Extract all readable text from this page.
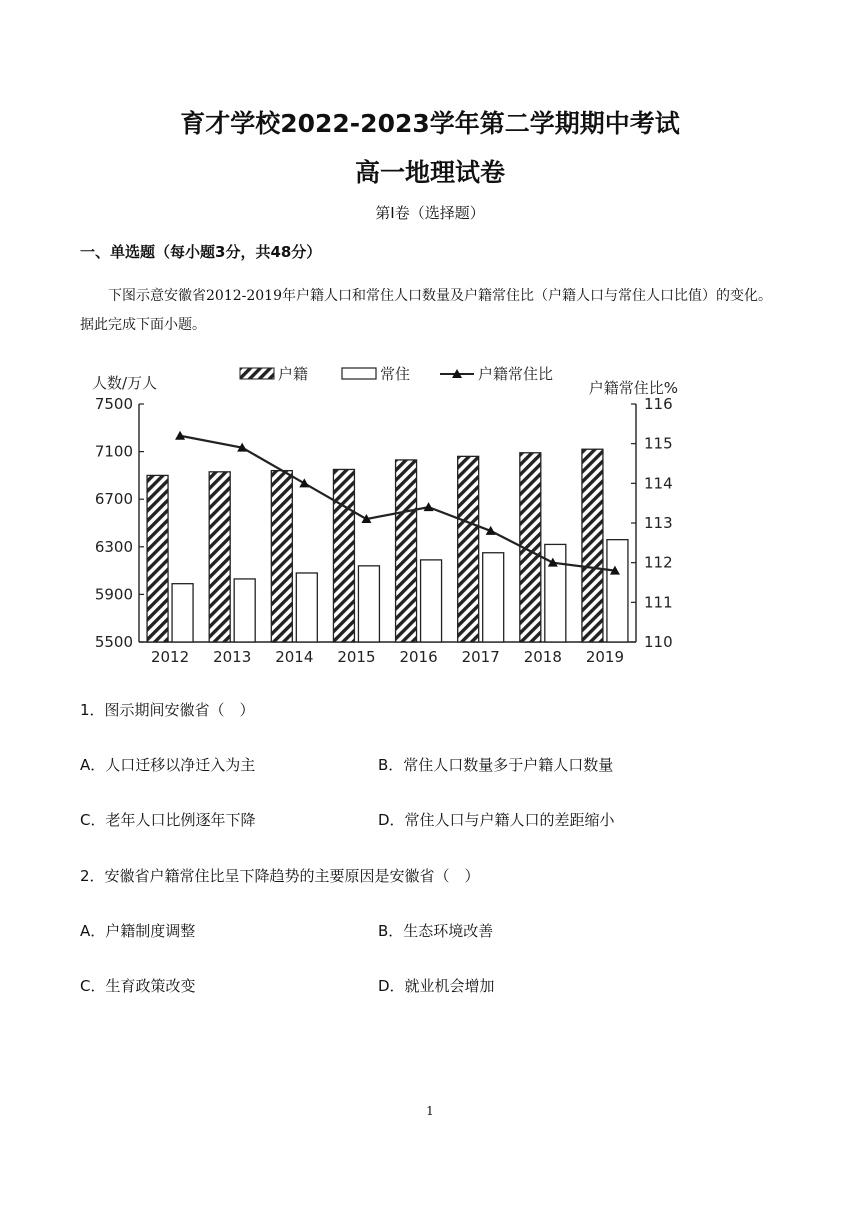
育才学校2022-2023学年第二学期期中考试
高一地理试卷
第Ⅰ卷（选择题）
一、单选题（每小题3分，共48分）
下图示意安徽省2012-2019年户籍人口和常住人口数量及户籍常住比（户籍人口与常住人口比值）的变化。据此完成下面小题。
5500
5900
6300
6700
7100
7500
110
111
112
113
114
115
116
人数/万人	户籍常住比%
2012 2013 2014 2015 2016 2017 2018 2019
户籍	常住	户籍常住比
1．图示期间安徽省（　）
A．人口迁移以净迁入为主	B．常住人口数量多于户籍人口数量
C．老年人口比例逐年下降	D．常住人口与户籍人口的差距缩小
2．安徽省户籍常住比呈下降趋势的主要原因是安徽省（　）
A．户籍制度调整	B．生态环境改善
C．生育政策改变	D．就业机会增加
1
